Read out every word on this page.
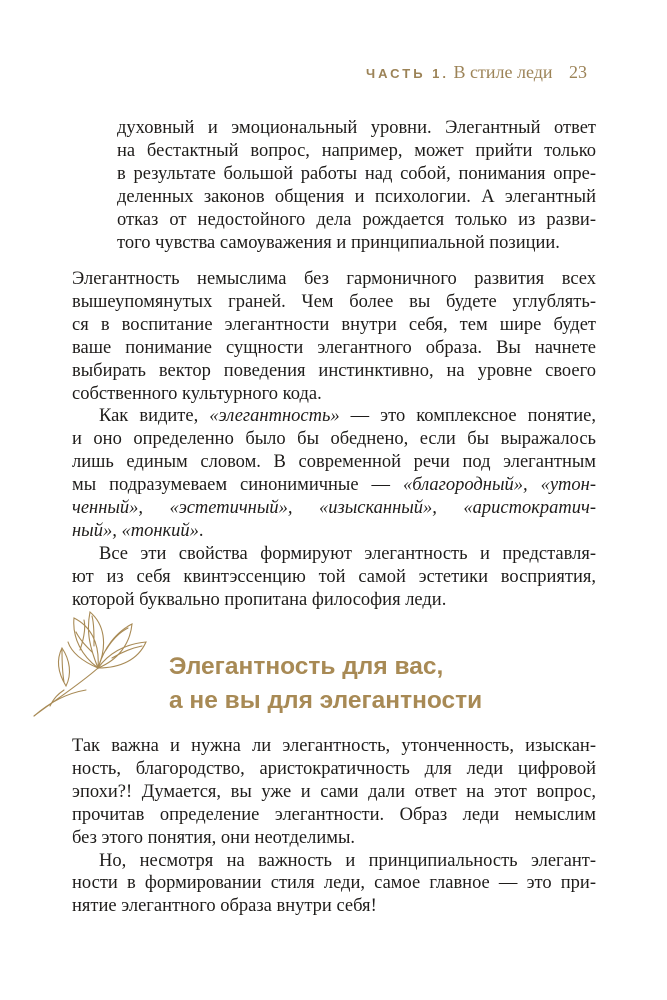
ЧАСТЬ 1. В стиле леди 23
духовный и эмоциональный уровни. Элегантный ответ
на бестактный вопрос, например, может прийти только
в результате большой работы над собой, понимания опре-
деленных законов общения и психологии. А элегантный
отказ от недостойного дела рождается только из разви-
того чувства самоуважения и принципиальной позиции.
Элегантность немыслима без гармоничного развития всех
вышеупомянутых граней. Чем более вы будете углублять-
ся в воспитание элегантности внутри себя, тем шире будет
ваше понимание сущности элегантного образа. Вы начнете
выбирать вектор поведения инстинктивно, на уровне своего
собственного культурного кода.
Как видите, «элегантность» — это комплексное понятие,
и оно определенно было бы обеднено, если бы выражалось
лишь единым словом. В современной речи под элегантным
мы подразумеваем синонимичные — «благородный», «утон-
ченный», «эстетичный», «изысканный», «аристократич-
ный», «тонкий».
Все эти свойства формируют элегантность и представля-
ют из себя квинтэссенцию той самой эстетики восприятия,
которой буквально пропитана философия леди.
Элегантность для вас,
а не вы для элегантности
Так важна и нужна ли элегантность, утонченность, изыскан-
ность, благородство, аристократичность для леди цифровой
эпохи?! Думается, вы уже и сами дали ответ на этот вопрос,
прочитав определение элегантности. Образ леди немыслим
без этого понятия, они неотделимы.
Но, несмотря на важность и принципиальность элегант-
ности в формировании стиля леди, самое главное — это при-
нятие элегантного образа внутри себя!
